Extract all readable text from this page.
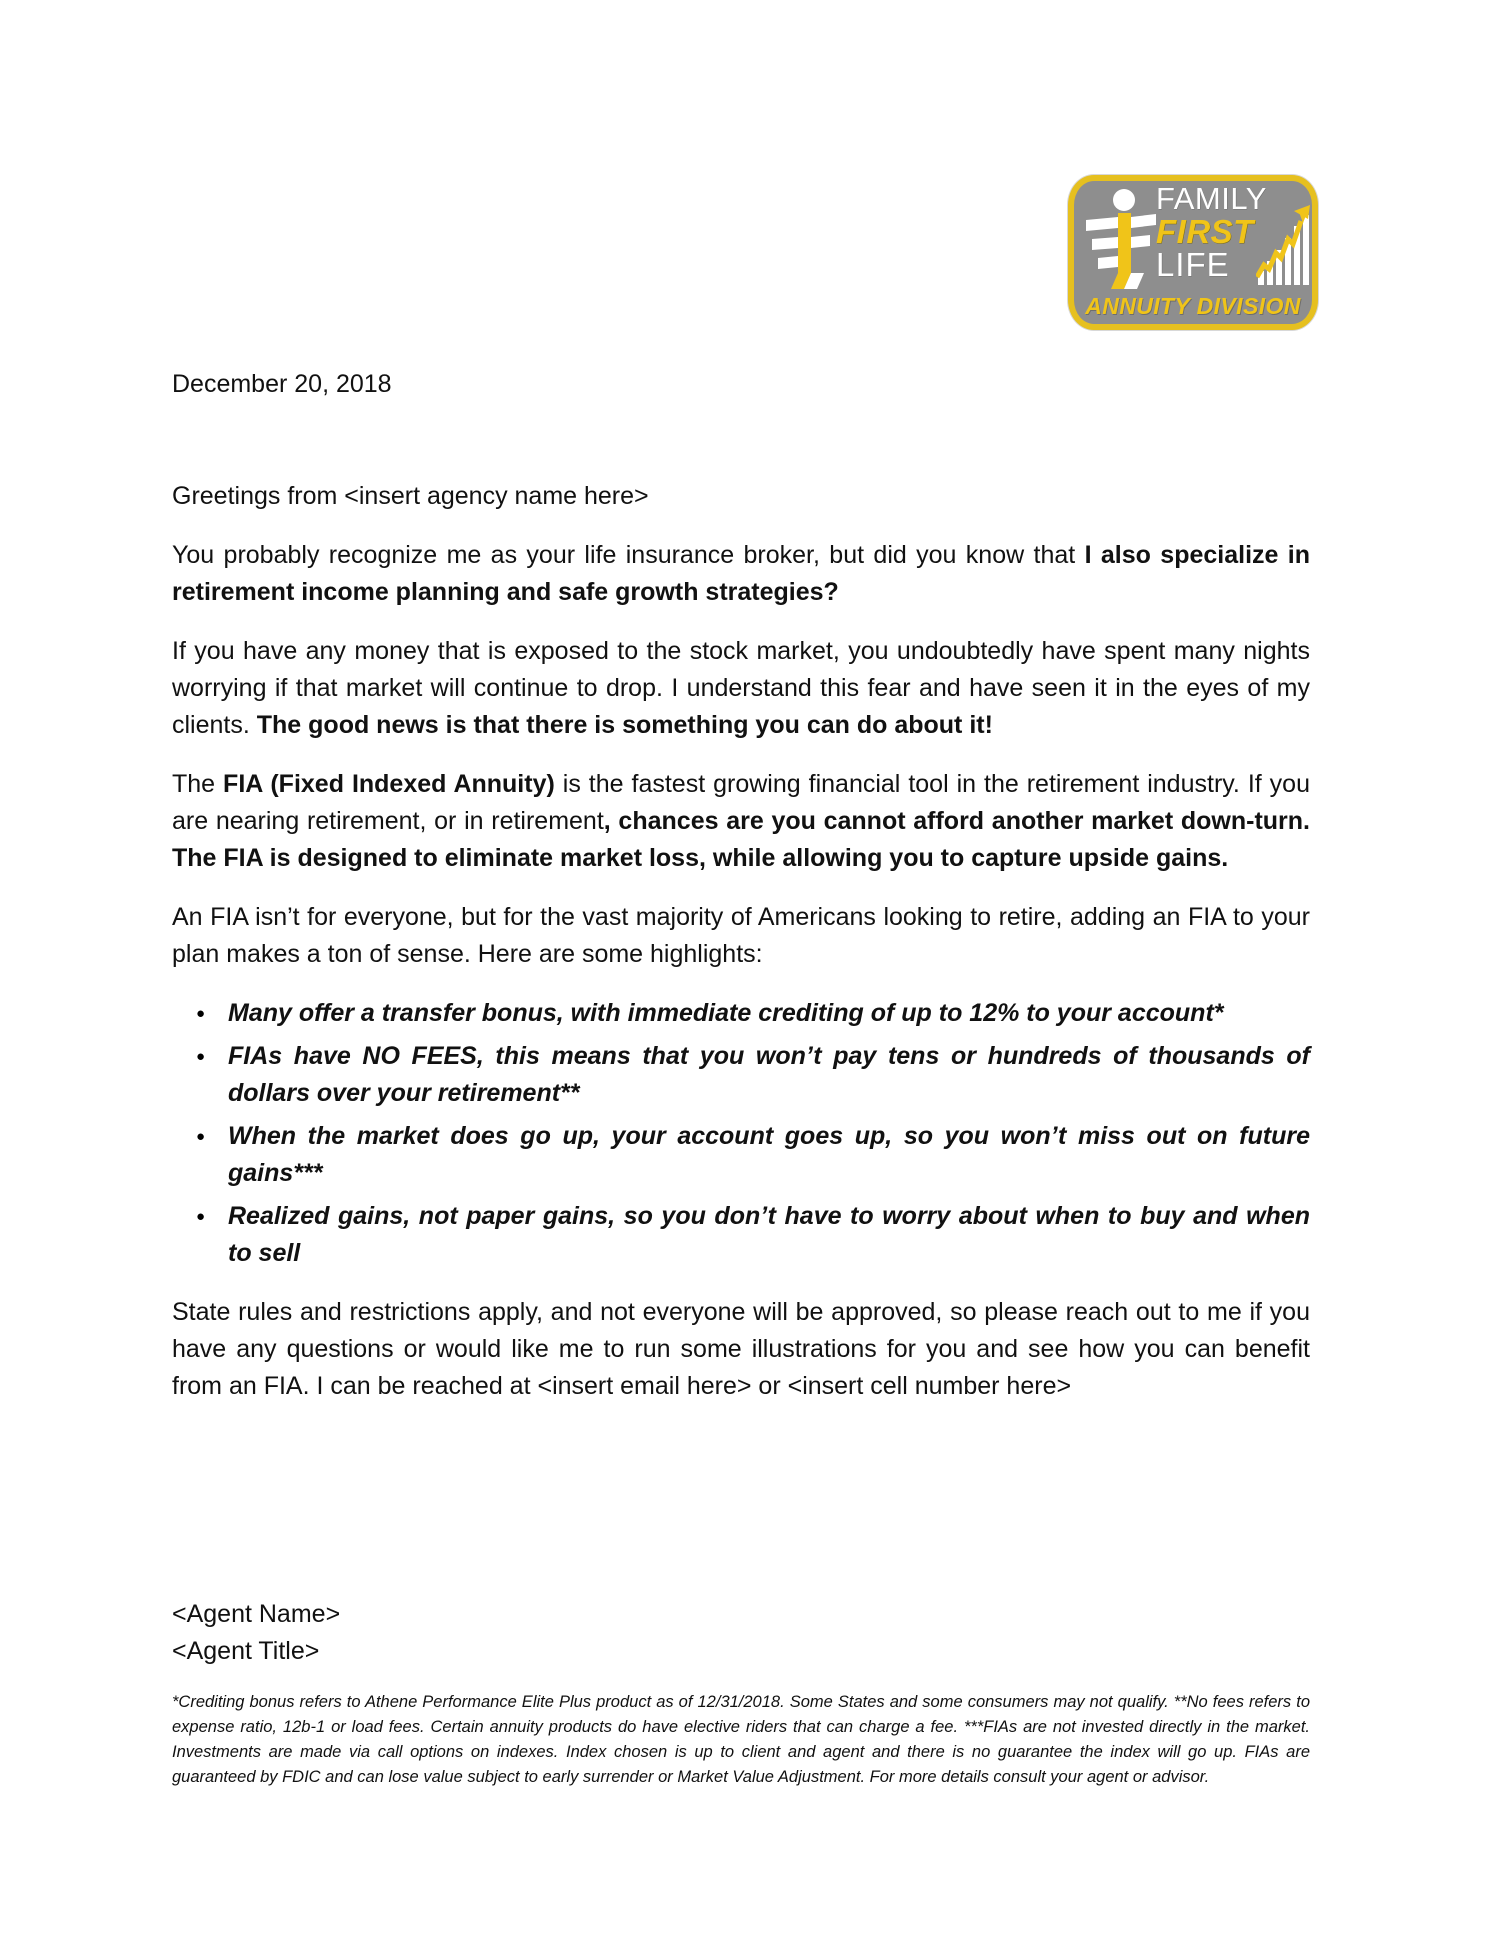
FAMILY
FIRST
LIFE
ANNUITY DIVISION
December 20, 2018

Greetings from <insert agency name here>

You probably recognize me as your life insurance broker, but did you know that I also specialize in retirement income planning and safe growth strategies?

If you have any money that is exposed to the stock market, you undoubtedly have spent many nights worrying if that market will continue to drop. I understand this fear and have seen it in the eyes of my clients. The good news is that there is something you can do about it!

The FIA (Fixed Indexed Annuity) is the fastest growing financial tool in the retirement industry. If you are nearing retirement, or in retirement, chances are you cannot afford another market down-turn. The FIA is designed to eliminate market loss, while allowing you to capture upside gains.

An FIA isn’t for everyone, but for the vast majority of Americans looking to retire, adding an FIA to your plan makes a ton of sense. Here are some highlights:

● Many offer a transfer bonus, with immediate crediting of up to 12% to your account*
● FIAs have NO FEES, this means that you won’t pay tens or hundreds of thousands of dollars over your retirement**
● When the market does go up, your account goes up, so you won’t miss out on future gains***
● Realized gains, not paper gains, so you don’t have to worry about when to buy and when to sell

State rules and restrictions apply, and not everyone will be approved, so please reach out to me if you have any questions or would like me to run some illustrations for you and see how you can benefit from an FIA. I can be reached at <insert email here> or <insert cell number here>

<Agent Name>
<Agent Title>
*Crediting bonus refers to Athene Performance Elite Plus product as of 12/31/2018. Some States and some consumers may not qualify. **No fees refers to expense ratio, 12b-1 or load fees. Certain annuity products do have elective riders that can charge a fee. ***FIAs are not invested directly in the market. Investments are made via call options on indexes. Index chosen is up to client and agent and there is no guarantee the index will go up. FIAs are guaranteed by FDIC and can lose value subject to early surrender or Market Value Adjustment. For more details consult your agent or advisor.
